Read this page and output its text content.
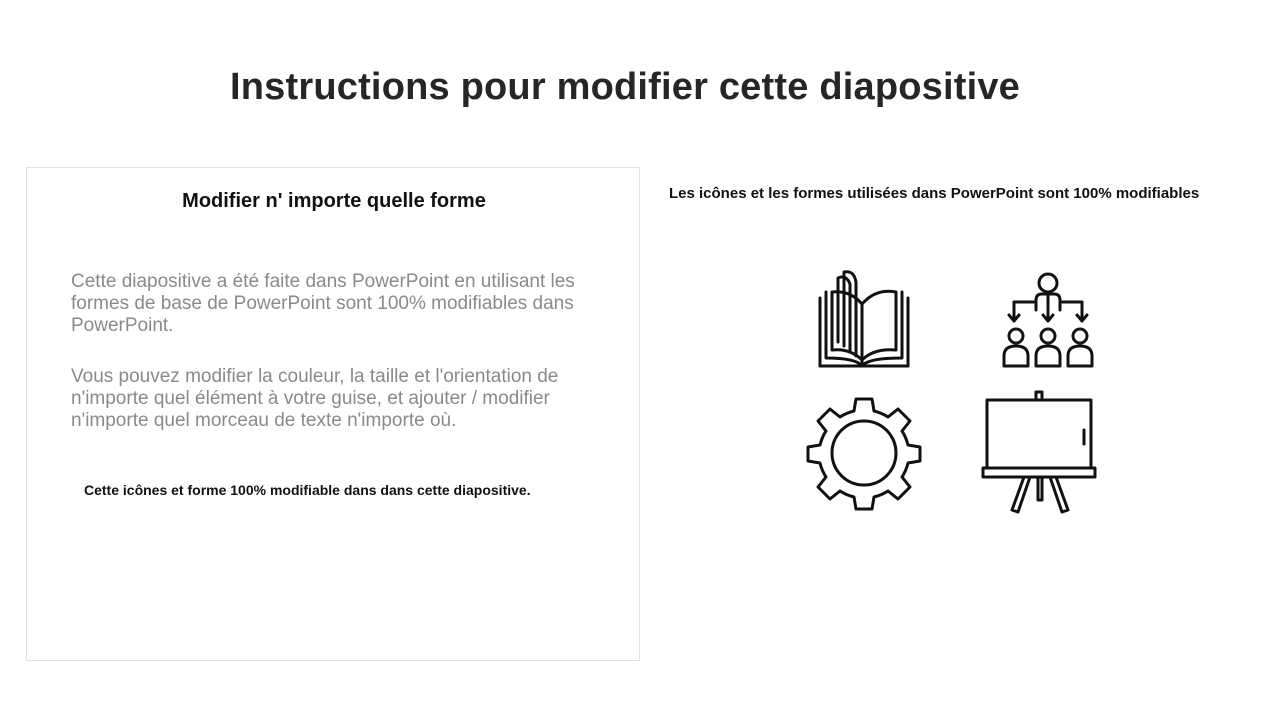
Instructions pour modifier cette diapositive
Modifier n' importe quelle forme

Cette diapositive a été faite dans PowerPoint en utilisant les formes de base de PowerPoint sont 100% modifiables dans PowerPoint.

Vous pouvez modifier la couleur, la taille et l'orientation de n'importe quel élément à votre guise, et ajouter / modifier n'importe quel morceau de texte n'importe où.

Cette icônes et forme 100% modifiable dans dans cette diapositive.

Les icônes et les formes utilisées dans PowerPoint sont 100% modifiables
